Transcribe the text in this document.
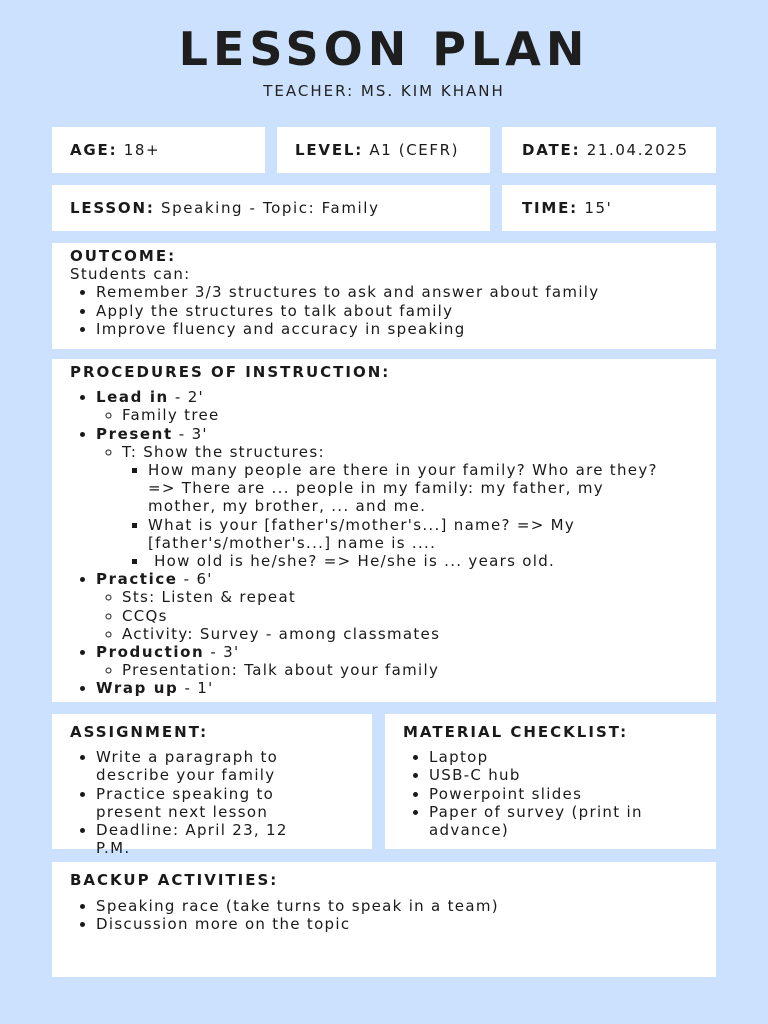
LESSON PLAN
TEACHER: MS. KIM KHANH
AGE:
18+	LEVEL:
A1 (CEFR)	DATE:
21.04.2025
LESSON:
Speaking - Topic: Family	TIME:
15'
OUTCOME:
Students can:
• Remember 3/3 structures to ask and answer about family
• Apply the structures to talk about family
• Improve fluency and accuracy in speaking
PROCEDURES OF INSTRUCTION:
• Lead in - 2'
◦ Family tree
• Present - 3'
◦ T: Show the structures:
▪ How many people are there in your family? Who are they? => There are ... people in my family: my father, my mother, my brother, ... and me.
▪ What is your [father's/mother's...] name? => My [father's/mother's...] name is ....
▪  How old is he/she? => He/she is ... years old.
• Practice - 6'
◦ Sts: Listen & repeat
◦ CCQs
◦ Activity: Survey - among classmates
• Production - 3'
◦ Presentation: Talk about your family
• Wrap up - 1'
ASSIGNMENT:
• Write a paragraph to describe your family
• Practice speaking to present next lesson
• Deadline: April 23, 12 P.M.
MATERIAL CHECKLIST:
• Laptop
• USB-C hub
• Powerpoint slides
• Paper of survey (print in advance)
BACKUP ACTIVITIES:
• Speaking race (take turns to speak in a team)
• Discussion more on the topic
